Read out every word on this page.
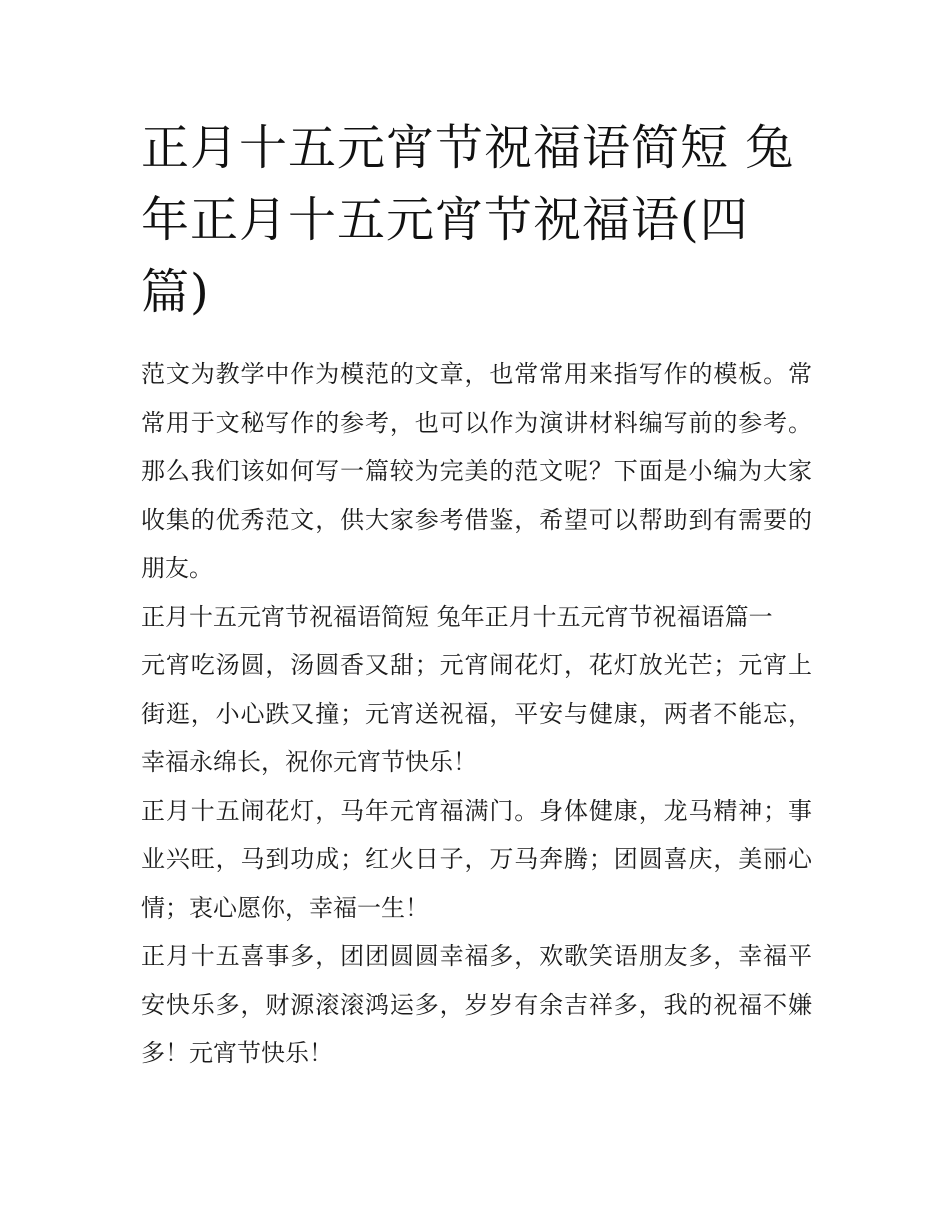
正月十五元宵节祝福语简短 兔年正月十五元宵节祝福语(四篇)

范文为教学中作为模范的文章，也常常用来指写作的模板。常常用于文秘写作的参考，也可以作为演讲材料编写前的参考。那么我们该如何写一篇较为完美的范文呢？下面是小编为大家收集的优秀范文，供大家参考借鉴，希望可以帮助到有需要的朋友。

正月十五元宵节祝福语简短 兔年正月十五元宵节祝福语篇一

元宵吃汤圆，汤圆香又甜；元宵闹花灯，花灯放光芒；元宵上街逛，小心跌又撞；元宵送祝福，平安与健康，两者不能忘，幸福永绵长，祝你元宵节快乐！

正月十五闹花灯，马年元宵福满门。身体健康，龙马精神；事业兴旺，马到功成；红火日子，万马奔腾；团圆喜庆，美丽心情；衷心愿你，幸福一生！

正月十五喜事多，团团圆圆幸福多，欢歌笑语朋友多，幸福平安快乐多，财源滚滚鸿运多，岁岁有余吉祥多，我的祝福不嫌多！元宵节快乐！
